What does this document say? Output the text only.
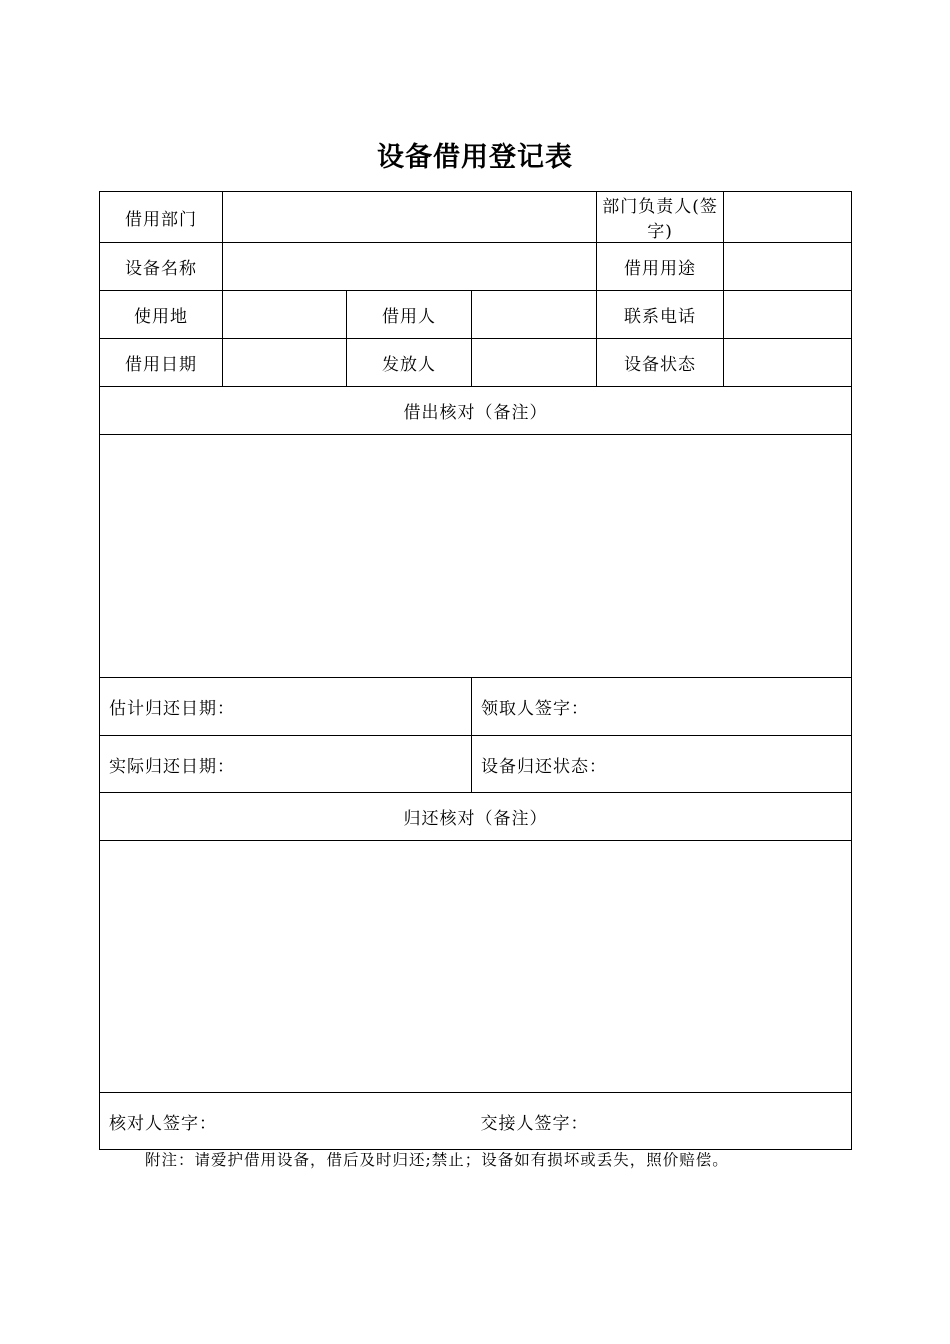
设备借用登记表
借用部门				部门负责人(签字)	
设备名称				借用用途	
使用地		借用人		联系电话	
借用日期		发放人		设备状态	
借出核对（备注）					

估计归还日期：			领取人签字：		
实际归还日期：			设备归还状态：		
归还核对（备注）					

核对人签字：			交接人签字：		
附注：请爱护借用设备，借后及时归还;禁止；设备如有损坏或丢失，照价赔偿。
